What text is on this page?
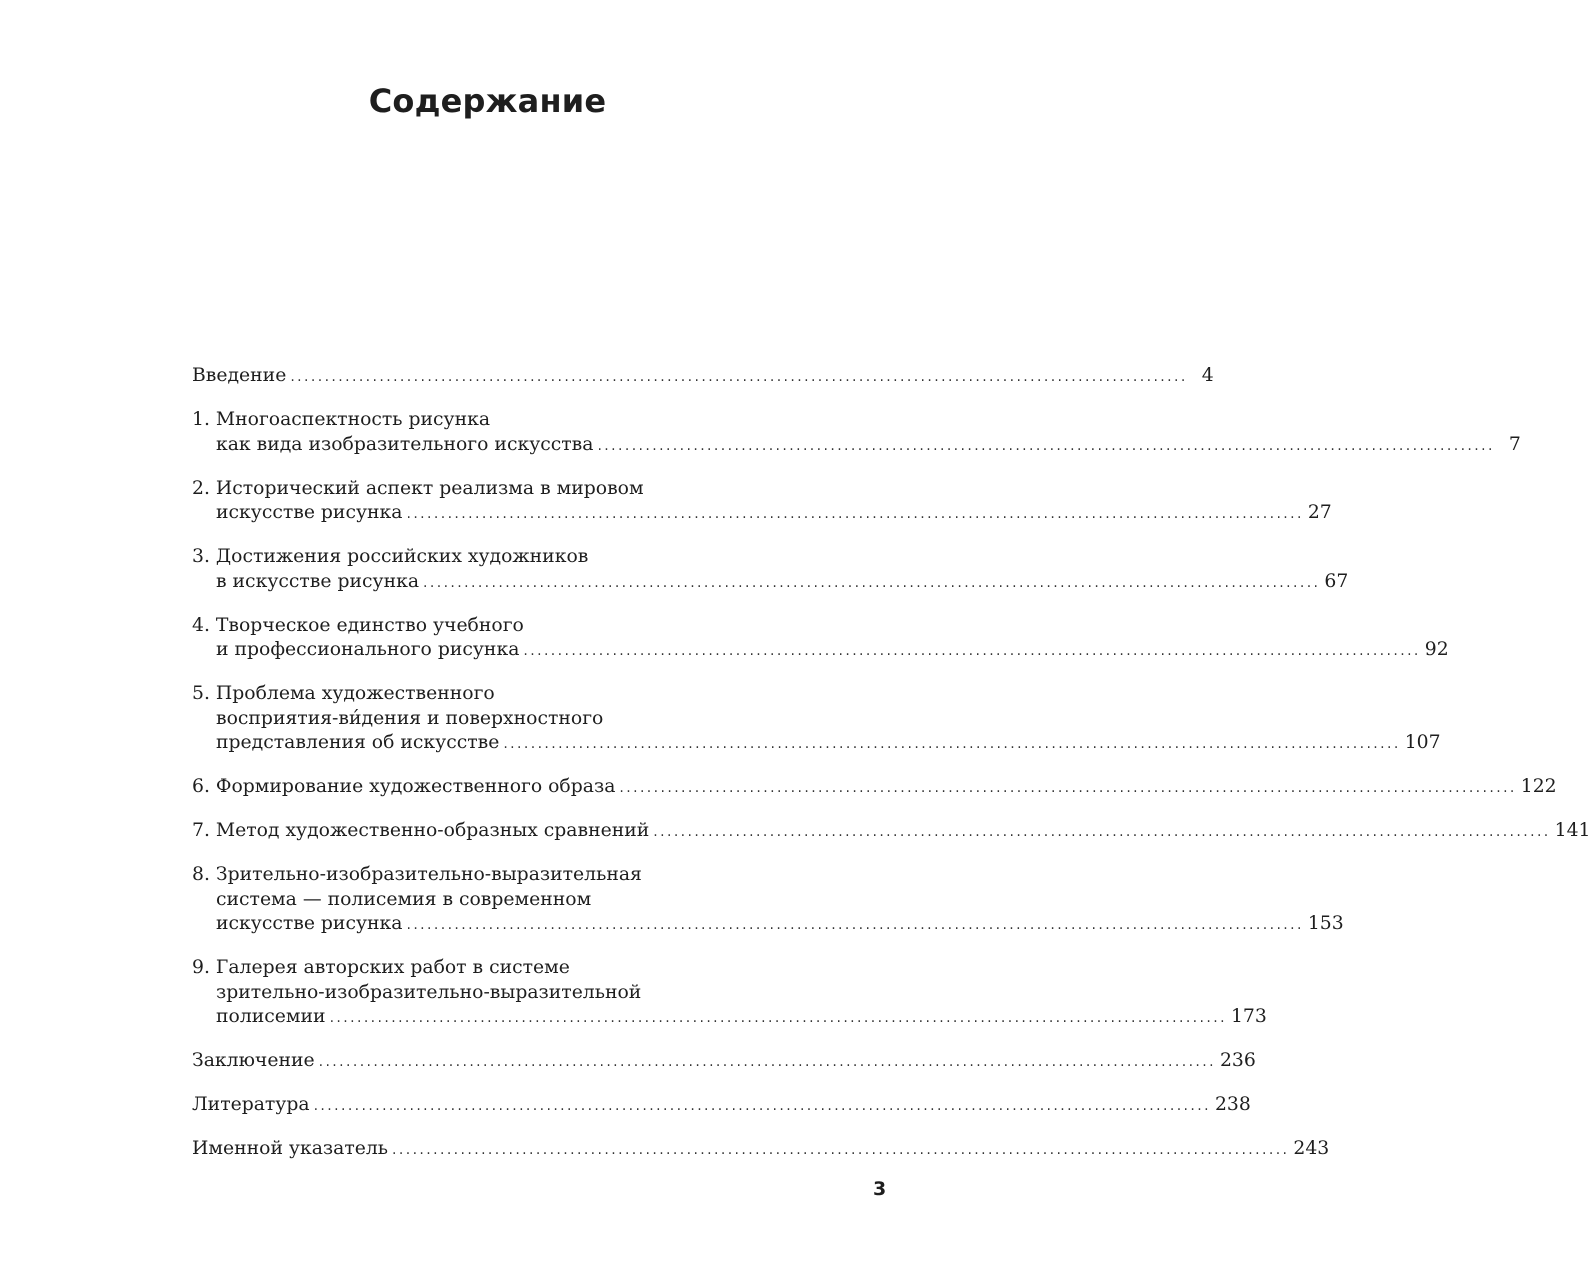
Содержание
Введение ................................................................................................................................... 4
1. Многоаспектность рисунка
как вида изобразительного искусства ................................................................................................................................... 7
2. Исторический аспект реализма в мировом
искусстве рисунка ................................................................................................................................... 27
3. Достижения российских художников
в искусстве рисунка ................................................................................................................................... 67
4. Творческое единство учебного
и профессионального рисунка ................................................................................................................................... 92
5. Проблема художественного
восприятия-ви́дения и поверхностного
представления об искусстве ................................................................................................................................... 107
6. Формирование художественного образа ................................................................................................................................... 122
7. Метод художественно-образных сравнений ................................................................................................................................... 141
8. Зрительно-изобразительно-выразительная
система — полисемия в современном
искусстве рисунка ................................................................................................................................... 153
9. Галерея авторских работ в системе
зрительно-изобразительно-выразительной
полисемии ................................................................................................................................... 173
Заключение ................................................................................................................................... 236
Литература ................................................................................................................................... 238
Именной указатель ................................................................................................................................... 243
3
